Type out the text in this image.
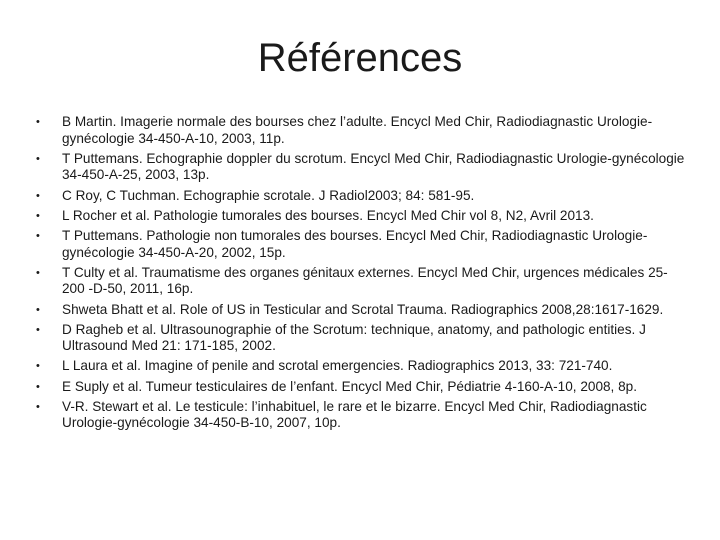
Références
•	B Martin. Imagerie normale des bourses chez l’adulte. Encycl Med Chir, Radiodiagnastic Urologie-gynécologie 34-450-A-10, 2003, 11p.
•	T Puttemans. Echographie doppler du scrotum. Encycl Med Chir, Radiodiagnastic Urologie-gynécologie 34-450-A-25, 2003, 13p.
•	C Roy, C Tuchman. Echographie scrotale. J Radiol2003; 84: 581-95.
•	L Rocher et al. Pathologie tumorales des bourses. Encycl Med Chir vol 8, N2, Avril 2013.
•	T Puttemans. Pathologie non tumorales des bourses. Encycl Med Chir, Radiodiagnastic Urologie-gynécologie 34-450-A-20, 2002, 15p.
•	T Culty et al. Traumatisme des organes génitaux externes. Encycl Med Chir, urgences médicales 25-200 -D-50, 2011, 16p.
•	Shweta Bhatt et al. Role of US in Testicular and Scrotal Trauma. Radiographics 2008,28:1617-1629.
•	D Ragheb et al. Ultrasounographie of the Scrotum: technique, anatomy, and pathologic entities. J Ultrasound Med 21: 171-185, 2002.
•	L Laura et al. Imagine of penile and scrotal emergencies. Radiographics 2013, 33: 721-740.
•	E Suply et al. Tumeur testiculaires de l’enfant. Encycl Med Chir, Pédiatrie 4-160-A-10, 2008, 8p.
•	V-R. Stewart et al. Le testicule: l’inhabituel, le rare et le bizarre. Encycl Med Chir, Radiodiagnastic Urologie-gynécologie 34-450-B-10, 2007, 10p.
